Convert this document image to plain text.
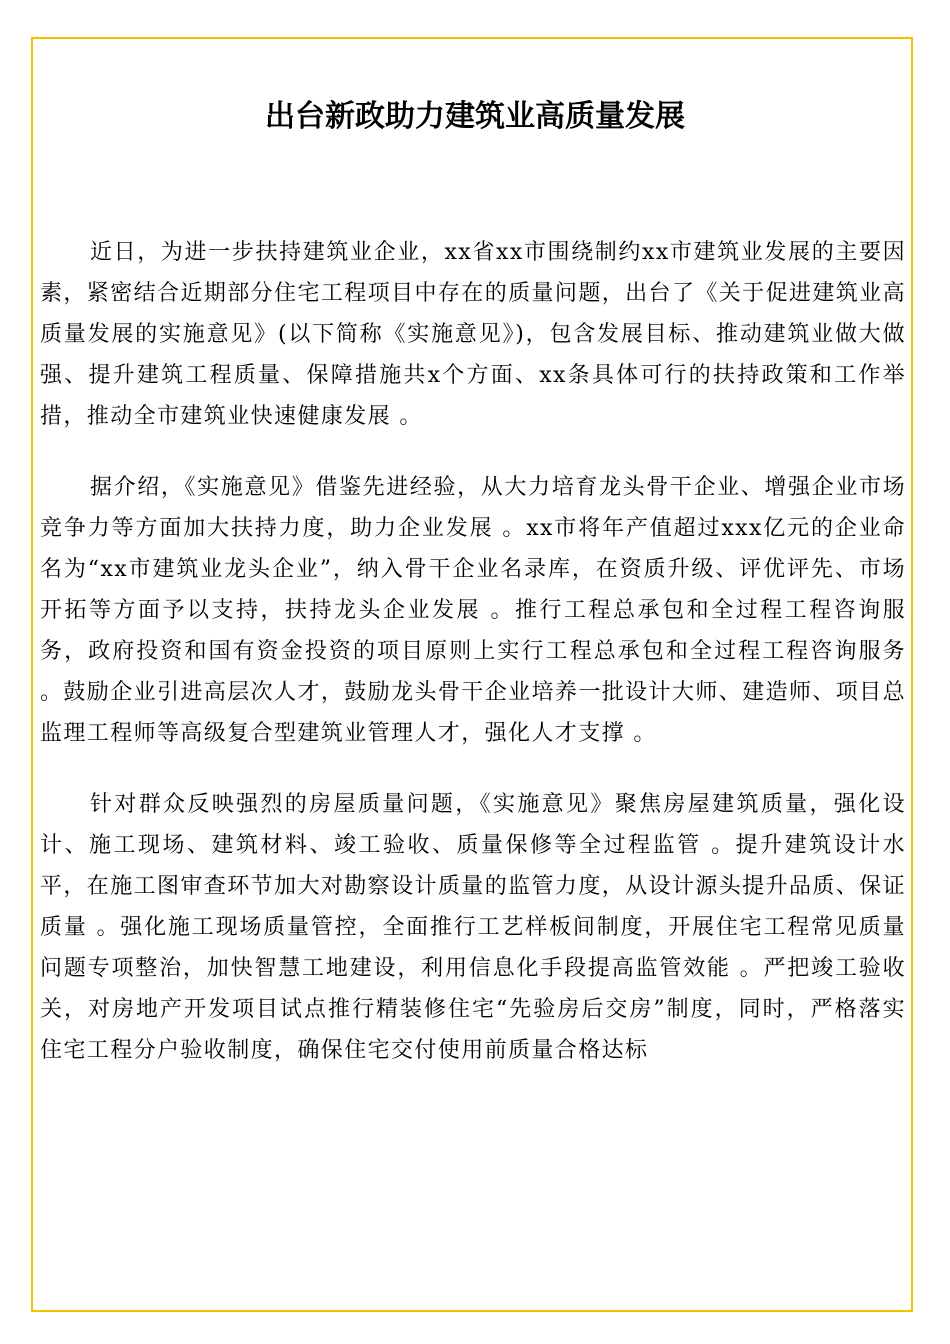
出台新政助力建筑业高质量发展

近日，为进一步扶持建筑业企业，xx省xx市围绕制约xx市建筑业发展的主要因素，紧密结合近期部分住宅工程项目中存在的质量问题，出台了《关于促进建筑业高质量发展的实施意见》(以下简称《实施意见》)，包含发展目标、推动建筑业做大做强、提升建筑工程质量、保障措施共x个方面、xx条具体可行的扶持政策和工作举措，推动全市建筑业快速健康发展 。

据介绍，《实施意见》借鉴先进经验，从大力培育龙头骨干企业、增强企业市场竞争力等方面加大扶持力度，助力企业发展 。xx市将年产值超过xxx亿元的企业命名为“xx市建筑业龙头企业”，纳入骨干企业名录库，在资质升级、评优评先、市场开拓等方面予以支持，扶持龙头企业发展 。推行工程总承包和全过程工程咨询服务，政府投资和国有资金投资的项目原则上实行工程总承包和全过程工程咨询服务 。鼓励企业引进高层次人才，鼓励龙头骨干企业培养一批设计大师、建造师、项目总监理工程师等高级复合型建筑业管理人才，强化人才支撑 。

针对群众反映强烈的房屋质量问题，《实施意见》聚焦房屋建筑质量，强化设计、施工现场、建筑材料、竣工验收、质量保修等全过程监管 。提升建筑设计水平，在施工图审查环节加大对勘察设计质量的监管力度，从设计源头提升品质、保证质量 。强化施工现场质量管控，全面推行工艺样板间制度，开展住宅工程常见质量问题专项整治，加快智慧工地建设，利用信息化手段提高监管效能 。严把竣工验收关，对房地产开发项目试点推行精装修住宅“先验房后交房”制度，同时，严格落实住宅工程分户验收制度，确保住宅交付使用前质量合格达标
